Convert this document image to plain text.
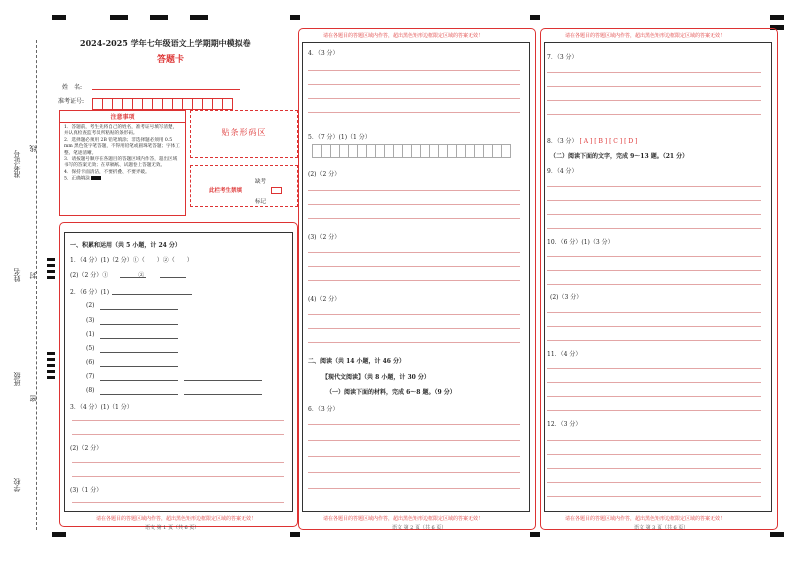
准考证号
线
姓名 封
班级
密
学校
2024-2025 学年七年级语文上学期期中模拟卷
答题卡
姓　名:
准考证号:
注意事项
1．答题前，考生先将自己的姓名，准考证号填写清楚，并认真检查监考员所粘贴的条形码。
2．选择题必须用 2B 铅笔填涂；非选择题必须用 0.5 mm 黑色签字笔答题，不得用铅笔或圆珠笔答题；字体工整、笔迹清晰。
3．请按题号顺序在各题目的答题区域内作答，超出区域书写的答案无效；在草稿纸、试题卷上答题无效。
4．保持卡面清洁，不要折叠、不要弄破。
5．正确填涂
贴条形码区
此栏考生禁填
缺考
标记
一、积累和运用（共 5 小题，计 24 分）
1．（4 分）(1)（2 分）①（　　）②（　　）
(2)（2 分）①　　　　　②
2．（6 分）(1)
(2)
(3)
(1)
(5)
(6)
(7)
(8)
3．（4 分）(1)（1 分）
(2)（2 分）
(3)（1 分）
请在各题目的答题区域内作答，超出黑色矩形边框限定区域的答案无效！
语文 第 1 页（共 6 页）
请在各题目的答题区域内作答，超出黑色矩形边框限定区域的答案无效！
4．（3 分）
5．（7 分）(1)（1 分）
(2)（2 分）
(3)（2 分）
(4)（2 分）
二、阅读（共 14 小题，计 46 分）
【现代文阅读】（共 8 小题，计 30 分）
（一）阅读下面的材料，完成 6～8 题。（9 分）
6．（3 分）
请在各题目的答题区域内作答，超出黑色矩形边框限定区域的答案无效！
语文 第 2 页（共 6 页）
请在各题目的答题区域内作答，超出黑色矩形边框限定区域的答案无效！
7．（3 分）
8．（3 分） [ A ] [ B ] [ C ] [ D ]
（二）阅读下面的文字，完成 9～13 题。（21 分）
9．（4 分）
10．（6 分）(1)（3 分）
(2)（3 分）
11．（4 分）
12．（3 分）
请在各题目的答题区域内作答，超出黑色矩形边框限定区域的答案无效！
语文 第 3 页（共 6 页）
